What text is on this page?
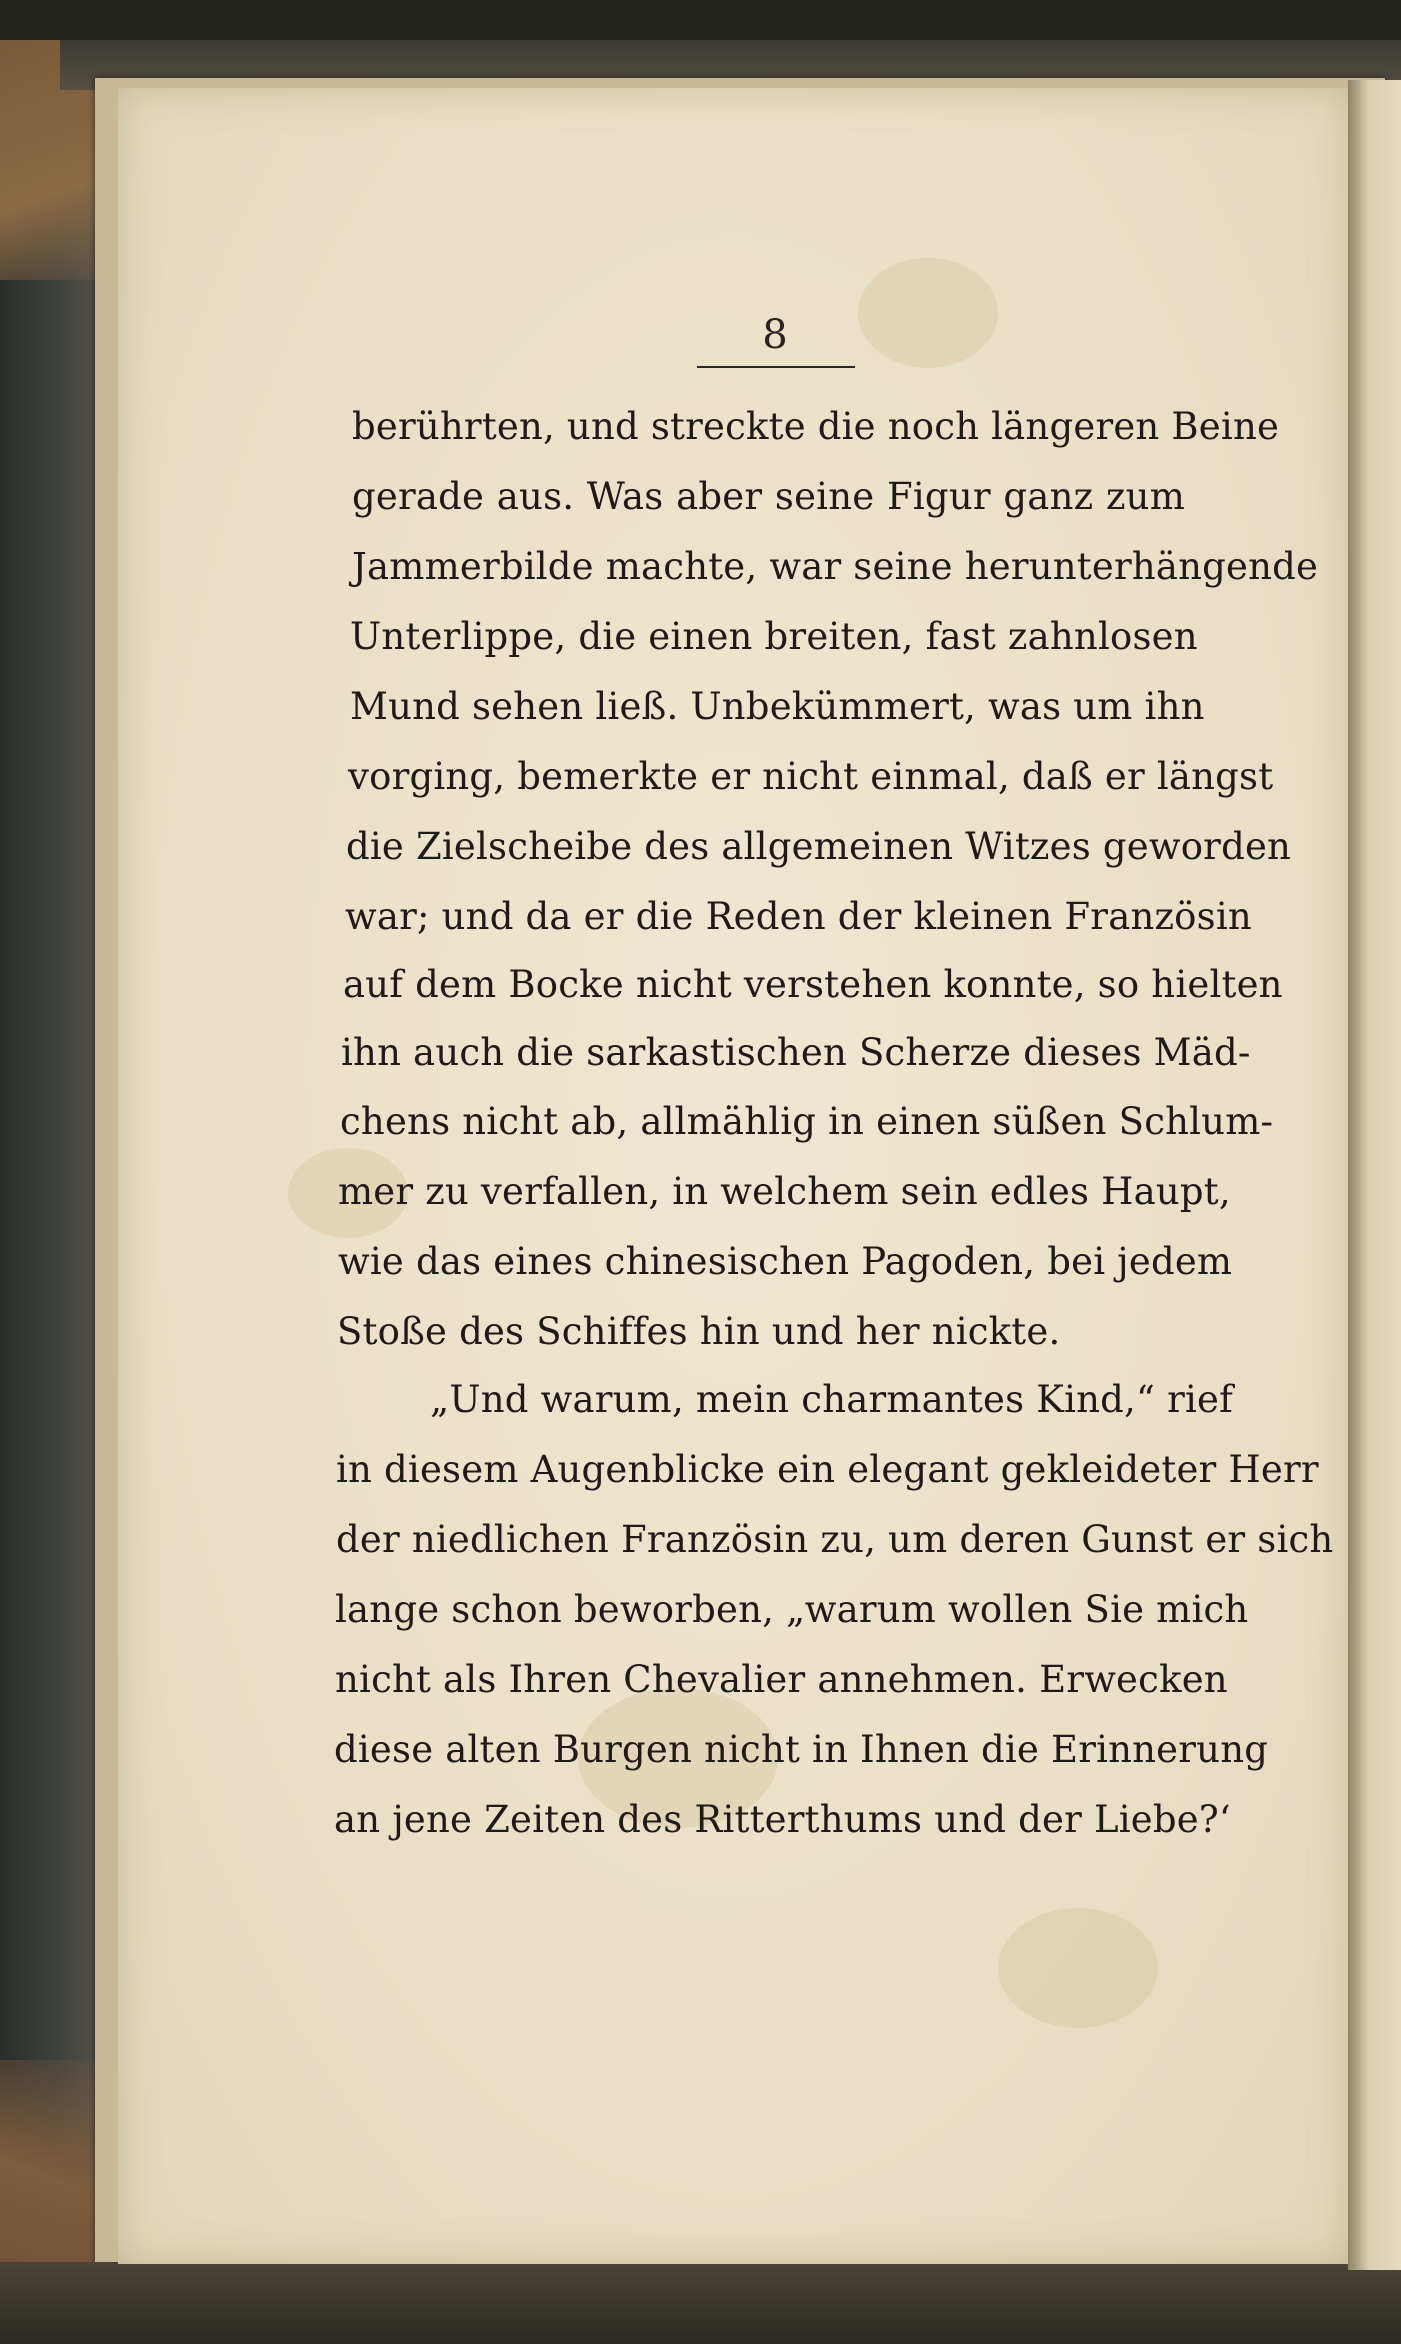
8
berührten, und streckte die noch längeren Beine
gerade aus. Was aber seine Figur ganz zum
Jammerbilde machte, war seine herunterhängende
Unterlippe, die einen breiten, fast zahnlosen
Mund sehen ließ. Unbekümmert, was um ihn
vorging, bemerkte er nicht einmal, daß er längst
die Zielscheibe des allgemeinen Witzes geworden
war; und da er die Reden der kleinen Französin
auf dem Bocke nicht verstehen konnte, so hielten
ihn auch die sarkastischen Scherze dieses Mäd-
chens nicht ab, allmählig in einen süßen Schlum-
mer zu verfallen, in welchem sein edles Haupt,
wie das eines chinesischen Pagoden, bei jedem
Stoße des Schiffes hin und her nickte.
„Und warum, mein charmantes Kind,“ rief
in diesem Augenblicke ein elegant gekleideter Herr
der niedlichen Französin zu, um deren Gunst er sich
lange schon beworben, „warum wollen Sie mich
nicht als Ihren Chevalier annehmen. Erwecken
diese alten Burgen nicht in Ihnen die Erinnerung
an jene Zeiten des Ritterthums und der Liebe?‘
